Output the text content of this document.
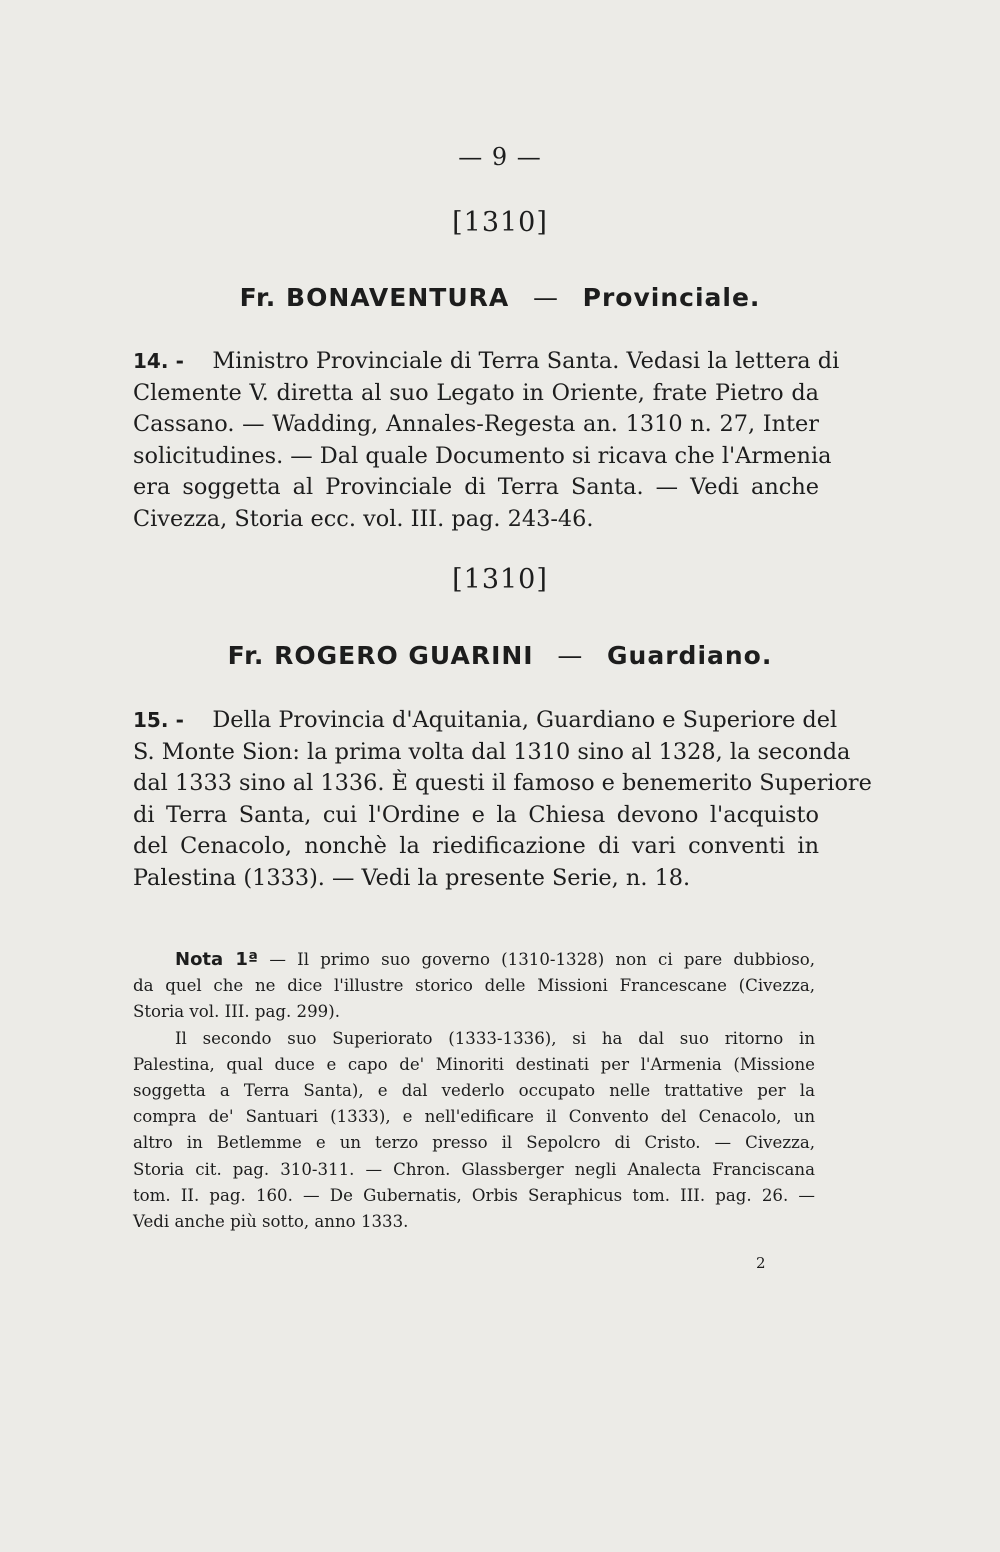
— 9 —
[1310]
Fr. BONAVENTURA — Provinciale.
14. - Ministro Provinciale di Terra Santa. Vedasi la lettera di
Clemente V. diretta al suo Legato in Oriente, frate Pietro da
Cassano. — Wadding, Annales-Regesta an. 1310 n. 27, Inter
solicitudines. — Dal quale Documento si ricava che l'Armenia
era soggetta al Provinciale di Terra Santa. — Vedi anche
Civezza, Storia ecc. vol. III. pag. 243-46.
[1310]
Fr. ROGERO GUARINI — Guardiano.
15. - Della Provincia d'Aquitania, Guardiano e Superiore del
S. Monte Sion: la prima volta dal 1310 sino al 1328, la seconda
dal 1333 sino al 1336. È questi il famoso e benemerito Superiore
di Terra Santa, cui l'Ordine e la Chiesa devono l'acquisto
del Cenacolo, nonchè la riedificazione di vari conventi in
Palestina (1333). — Vedi la presente Serie, n. 18.
Nota 1ª — Il primo suo governo (1310-1328) non ci pare dubbioso,
da quel che ne dice l'illustre storico delle Missioni Francescane (Civezza,
Storia vol. III. pag. 299).
Il secondo suo Superiorato (1333-1336), si ha dal suo ritorno in
Palestina, qual duce e capo de' Minoriti destinati per l'Armenia (Missione
soggetta a Terra Santa), e dal vederlo occupato nelle trattative per la
compra de' Santuari (1333), e nell'edificare il Convento del Cenacolo, un
altro in Betlemme e un terzo presso il Sepolcro di Cristo. — Civezza,
Storia cit. pag. 310-311. — Chron. Glassberger negli Analecta Franciscana
tom. II. pag. 160. — De Gubernatis, Orbis Seraphicus tom. III. pag. 26. —
Vedi anche più sotto, anno 1333.
2
